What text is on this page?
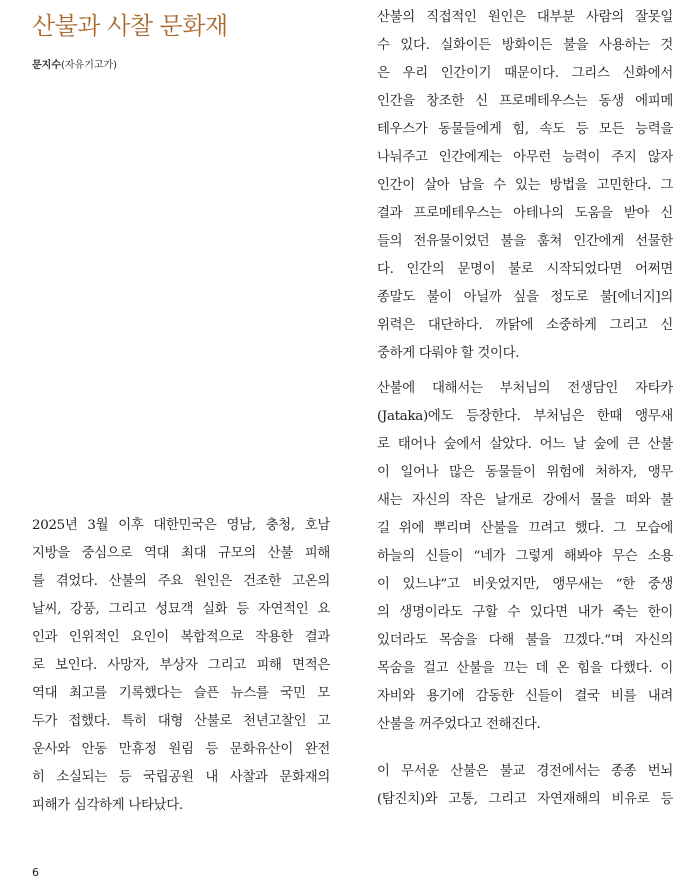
산불과 사찰 문화재
문지수(자유기고가)
2025년 3월 이후 대한민국은 영남, 충청, 호남
지방을 중심으로 역대 최대 규모의 산불 피해
를 겪었다. 산불의 주요 원인은 건조한 고온의
날씨, 강풍, 그리고 성묘객 실화 등 자연적인 요
인과 인위적인 요인이 복합적으로 작용한 결과
로 보인다. 사망자, 부상자 그리고 피해 면적은
역대 최고를 기록했다는 슬픈 뉴스를 국민 모
두가 접했다. 특히 대형 산불로 천년고찰인 고
운사와 안동 만휴정 원림 등 문화유산이 완전
히 소실되는 등 국립공원 내 사찰과 문화재의
피해가 심각하게 나타났다.
산불의 직접적인 원인은 대부분 사람의 잘못일
수 있다. 실화이든 방화이든 불을 사용하는 것
은 우리 인간이기 때문이다. 그리스 신화에서
인간을 창조한 신 프로메테우스는 동생 에피메
테우스가 동물들에게 힘, 속도 등 모든 능력을
나눠주고 인간에게는 아무런 능력이 주지 않자
인간이 살아 남을 수 있는 방법을 고민한다. 그
결과 프로메테우스는 아테나의 도움을 받아 신
들의 전유물이었던 불을 훔쳐 인간에게 선물한
다. 인간의 문명이 불로 시작되었다면 어쩌면
종말도 불이 아닐까 싶을 정도로 불[에너지]의
위력은 대단하다. 까닭에 소중하게 그리고 신
중하게 다뤄야 할 것이다.
산불에 대해서는 부처님의 전생담인 자타카
(Jataka)에도 등장한다. 부처님은 한때 앵무새
로 태어나 숲에서 살았다. 어느 날 숲에 큰 산불
이 일어나 많은 동물들이 위험에 처하자, 앵무
새는 자신의 작은 날개로 강에서 물을 떠와 불
길 위에 뿌리며 산불을 끄려고 했다. 그 모습에
하늘의 신들이 “네가 그렇게 해봐야 무슨 소용
이 있느냐”고 비웃었지만, 앵무새는 “한 중생
의 생명이라도 구할 수 있다면 내가 죽는 한이
있더라도 목숨을 다해 불을 끄겠다.”며 자신의
목숨을 걸고 산불을 끄는 데 온 힘을 다했다. 이
자비와 용기에 감동한 신들이 결국 비를 내려
산불을 꺼주었다고 전해진다.
이 무서운 산불은 불교 경전에서는 종종 번뇌
(탐진치)와 고통, 그리고 자연재해의 비유로 등
6
